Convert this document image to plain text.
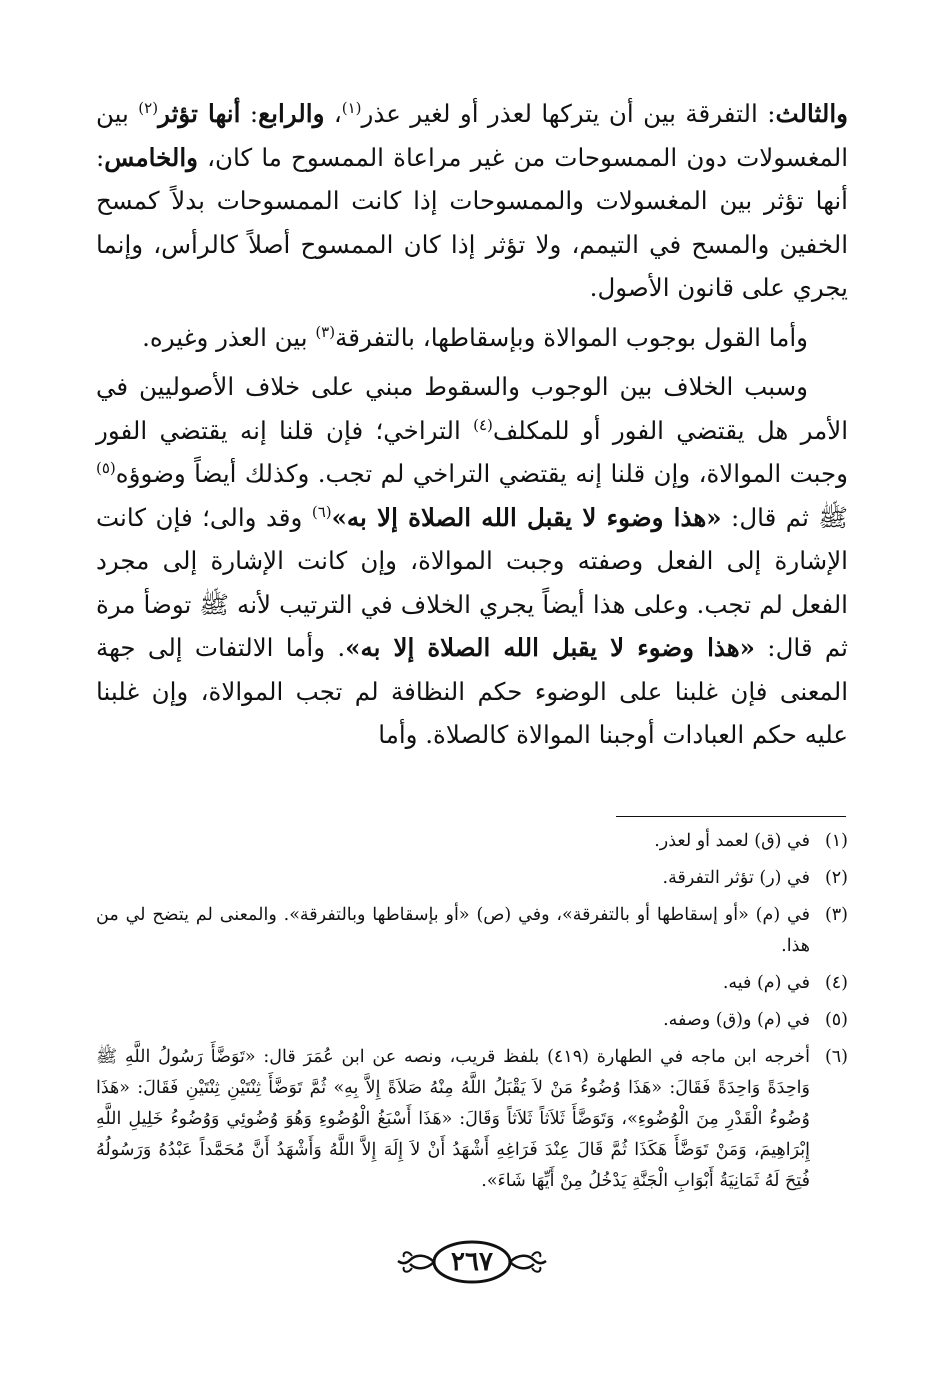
والثالث: التفرقة بين أن يتركها لعذر أو لغير عذر$^{(١)}$، والرابع: أنها تؤثر$^{(٢)}$ بين المغسولات دون الممسوحات من غير مراعاة الممسوح ما كان، والخامس: أنها تؤثر بين المغسولات والممسوحات إذا كانت الممسوحات بدلاً كمسح الخفين والمسح في التيمم، ولا تؤثر إذا كان الممسوح أصلاً كالرأس، وإنما يجري على قانون الأصول.

وأما القول بوجوب الموالاة وبإسقاطها، بالتفرقة$^{(٣)}$ بين العذر وغيره.

وسبب الخلاف بين الوجوب والسقوط مبني على خلاف الأصوليين في الأمر هل يقتضي الفور أو للمكلف$^{(٤)}$ التراخي؛ فإن قلنا إنه يقتضي الفور وجبت الموالاة، وإن قلنا إنه يقتضي التراخي لم تجب. وكذلك أيضاً وضوؤه$^{(٥)}$ ﷺ ثم قال: «هذا وضوء لا يقبل الله الصلاة إلا به»$^{(٦)}$ وقد والى؛ فإن كانت الإشارة إلى الفعل وصفته وجبت الموالاة، وإن كانت الإشارة إلى مجرد الفعل لم تجب. وعلى هذا أيضاً يجري الخلاف في الترتيب لأنه ﷺ توضأ مرة ثم قال: «هذا وضوء لا يقبل الله الصلاة إلا به». وأما الالتفات إلى جهة المعنى فإن غلبنا على الوضوء حكم النظافة لم تجب الموالاة، وإن غلبنا عليه حكم العبادات أوجبنا الموالاة كالصلاة. وأما

(١)
في (ق) لعمد أو لعذر.
(٢)
في (ر) تؤثر التفرقة.
(٣)
في (م) «أو إسقاطها أو بالتفرقة»، وفي (ص) «أو بإسقاطها وبالتفرقة». والمعنى لم يتضح لي من هذا.
(٤)
في (م) فيه.
(٥)
في (م) و(ق) وصفه.
(٦)
أخرجه ابن ماجه في الطهارة (٤١٩) بلفظ قريب، ونصه عن ابن عُمَرَ قال: «تَوَضَّأَ رَسُولُ اللَّهِ ﷺ وَاحِدَةً وَاحِدَةً فَقَالَ: «هَذَا وُضُوءُ مَنْ لاَ يَقْبَلُ اللَّهُ مِنْهُ صَلاَةً إِلاَّ بِهِ» ثُمَّ تَوَضَّأَ ثِنْتَيْنِ ثِنْتَيْنِ فَقَالَ: «هَذَا وُضُوءُ الْقَدْرِ مِنَ الْوُضُوءِ»، وَتَوَضَّأَ ثَلاَثاً ثَلاَثاً وَقَالَ: «هَذَا أَسْبَغُ الْوُضُوءِ وَهُوَ وُضُوئِي وَوُضُوءُ خَلِيلِ اللَّهِ إِبْرَاهِيمَ، وَمَنْ تَوَضَّأَ هَكَذَا ثُمَّ قَالَ عِنْدَ فَرَاغِهِ أَشْهَدُ أَنْ لاَ إِلَهَ إِلاَّ اللَّهُ وَأَشْهَدُ أَنَّ مُحَمَّداً عَبْدُهُ وَرَسُولُهُ فُتِحَ لَهُ ثَمَانِيَةُ أَبْوَابِ الْجَنَّةِ يَدْخُلُ مِنْ أَيِّهَا شَاءَ».
٢٦٧
